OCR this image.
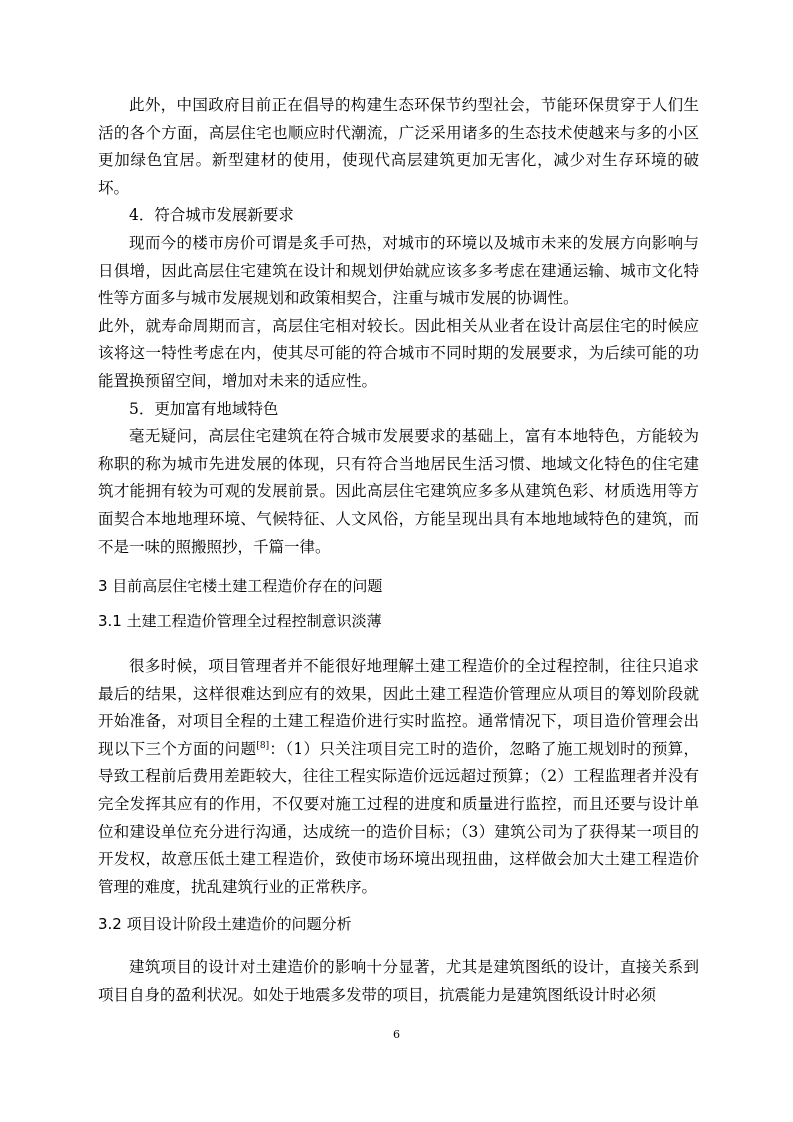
此外，中国政府目前正在倡导的构建生态环保节约型社会，节能环保贯穿于人们生活的各个方面，高层住宅也顺应时代潮流，广泛采用诸多的生态技术使越来与多的小区更加绿色宜居。新型建材的使用，使现代高层建筑更加无害化，减少对生存环境的破坏。

4．符合城市发展新要求

现而今的楼市房价可谓是炙手可热，对城市的环境以及城市未来的发展方向影响与日俱增，因此高层住宅建筑在设计和规划伊始就应该多多考虑在建通运输、城市文化特性等方面多与城市发展规划和政策相契合，注重与城市发展的协调性。

此外，就寿命周期而言，高层住宅相对较长。因此相关从业者在设计高层住宅的时候应该将这一特性考虑在内，使其尽可能的符合城市不同时期的发展要求，为后续可能的功能置换预留空间，增加对未来的适应性。

5．更加富有地域特色

毫无疑问，高层住宅建筑在符合城市发展要求的基础上，富有本地特色，方能较为称职的称为城市先进发展的体现，只有符合当地居民生活习惯、地域文化特色的住宅建筑才能拥有较为可观的发展前景。因此高层住宅建筑应多多从建筑色彩、材质选用等方面契合本地地理环境、气候特征、人文风俗，方能呈现出具有本地地域特色的建筑，而不是一味的照搬照抄，千篇一律。

3 目前高层住宅楼土建工程造价存在的问题
3.1 土建工程造价管理全过程控制意识淡薄

很多时候，项目管理者并不能很好地理解土建工程造价的全过程控制，往往只追求最后的结果，这样很难达到应有的效果，因此土建工程造价管理应从项目的筹划阶段就开始准备，对项目全程的土建工程造价进行实时监控。通常情况下，项目造价管理会出现以下三个方面的问题[8]：（1）只关注项目完工时的造价，忽略了施工规划时的预算，导致工程前后费用差距较大，往往工程实际造价远远超过预算；（2）工程监理者并没有完全发挥其应有的作用，不仅要对施工过程的进度和质量进行监控，而且还要与设计单位和建设单位充分进行沟通，达成统一的造价目标；（3）建筑公司为了获得某一项目的开发权，故意压低土建工程造价，致使市场环境出现扭曲，这样做会加大土建工程造价管理的难度，扰乱建筑行业的正常秩序。

3.2 项目设计阶段土建造价的问题分析

建筑项目的设计对土建造价的影响十分显著，尤其是建筑图纸的设计，直接关系到项目自身的盈利状况。如处于地震多发带的项目，抗震能力是建筑图纸设计时必须

6
